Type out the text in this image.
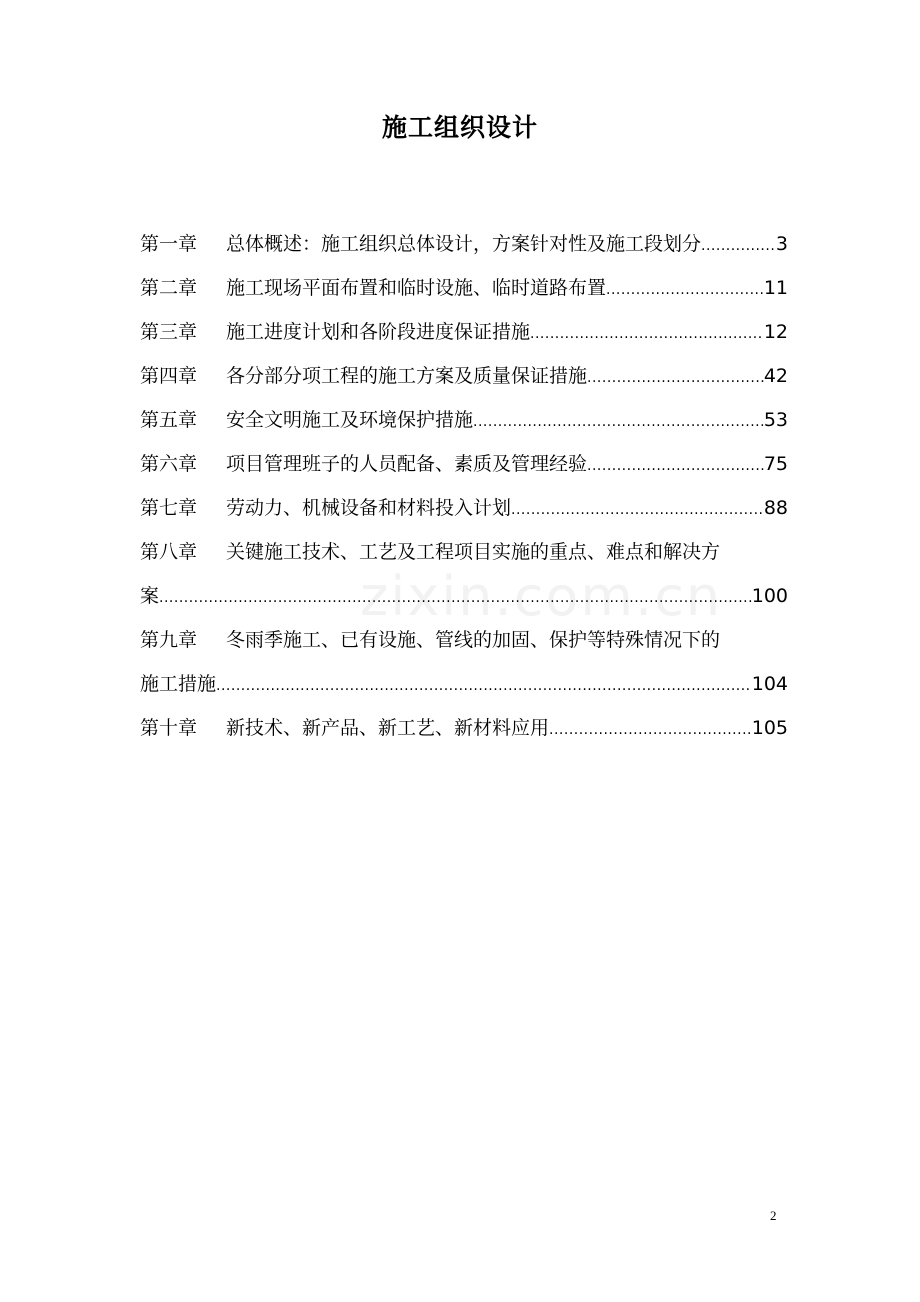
施工组织设计
第一章	总体概述：施工组织总体设计，方案针对性及施工段划分 .....	3
第二章	施工现场平面布置和临时设施、临时道路布置 .....	11
第三章	施工进度计划和各阶段进度保证措施 .....	12
第四章	各分部分项工程的施工方案及质量保证措施 .....	42
第五章	安全文明施工及环境保护措施 .....	53
第六章	项目管理班子的人员配备、素质及管理经验 .....	75
第七章	劳动力、机械设备和材料投入计划 .....	88
第八章 关键施工技术、工艺及工程项目实施的重点、难点和解决方
案 .....	100
第九章 冬雨季施工、已有设施、管线的加固、保护等特殊情况下的
施工措施 .....	104
第十章	新技术、新产品、新工艺、新材料应用 .....	105
zixin.com.cn
2
